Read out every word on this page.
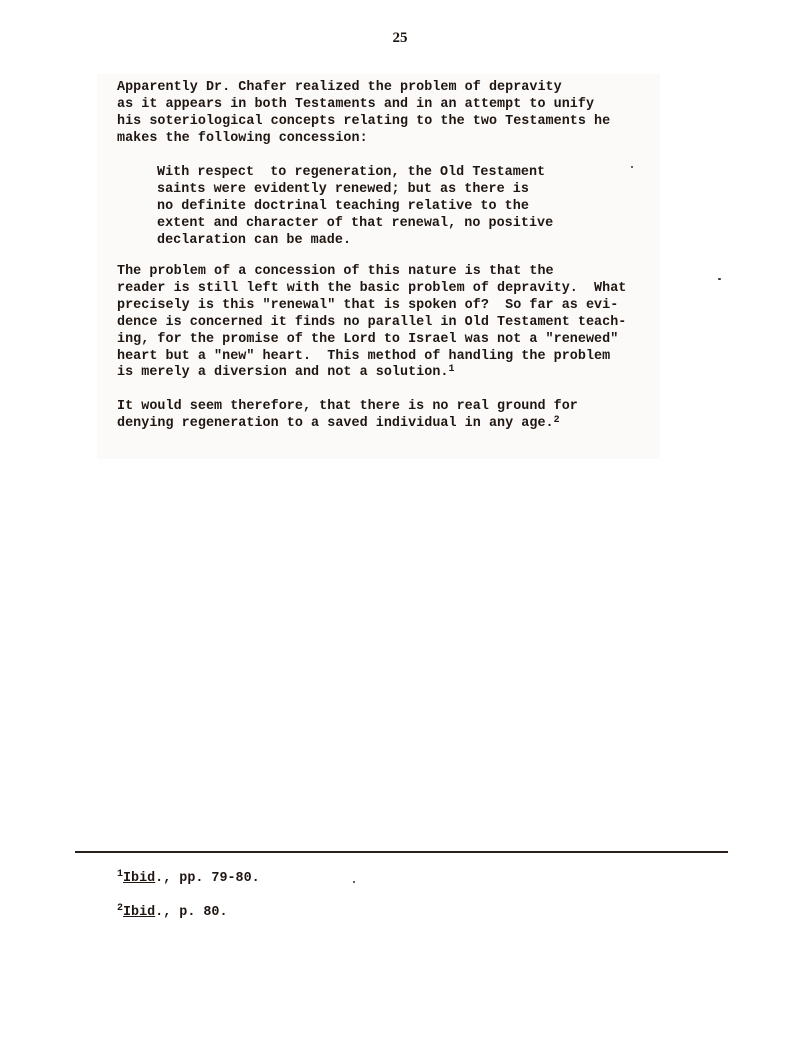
25
Apparently Dr. Chafer realized the problem of depravity
as it appears in both Testaments and in an attempt to unify
his soteriological concepts relating to the two Testaments he
makes the following concession:
With respect  to regeneration, the Old Testament
saints were evidently renewed; but as there is
no definite doctrinal teaching relative to the
extent and character of that renewal, no positive
declaration can be made.
The problem of a concession of this nature is that the
reader is still left with the basic problem of depravity.  What
precisely is this "renewal" that is spoken of?  So far as evi-
dence is concerned it finds no parallel in Old Testament teach-
ing, for the promise of the Lord to Israel was not a "renewed"
heart but a "new" heart.  This method of handling the problem
is merely a diversion and not a solution.$^1$
It would seem therefore, that there is no real ground for
denying regeneration to a saved individual in any age.$^2$
$^1$Ibid., pp. 79-80.
$^2$Ibid., p. 80.
